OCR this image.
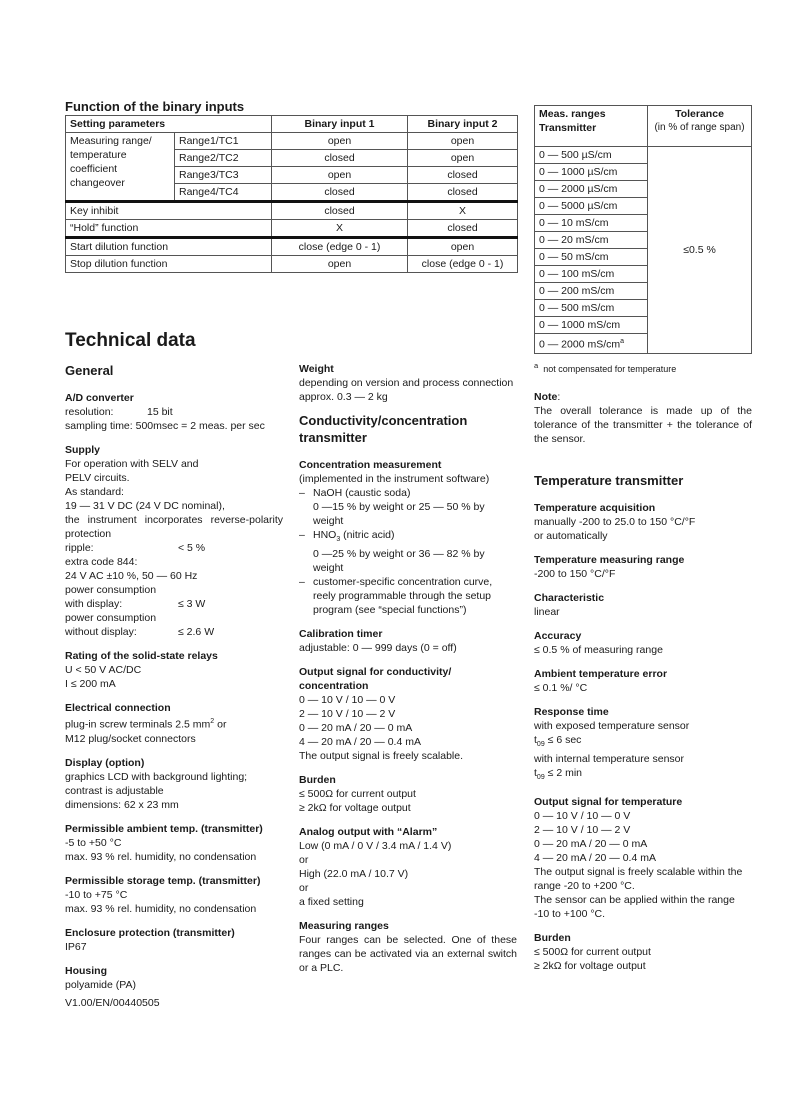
Function of the binary inputs
Setting parameters		Binary input 1	Binary input 2
Measuring range/ temperature coefficient changeover	Range1/TC1	open	open
	Range2/TC2	closed	open
	Range3/TC3	open	closed
	Range4/TC4	closed	closed
Key inhibit		closed	X
“Hold” function		X	closed
Start dilution function		close (edge 0 - 1)	open
Stop dilution function		open	close (edge 0 - 1)
Meas. ranges Transmitter	Tolerance
(in % of range span)

0 — 500 µS/cm	≤0.5 %
0 — 1000 µS/cm	
0 — 2000 µS/cm	
0 — 5000 µS/cm	
0 — 10 mS/cm	
0 — 20 mS/cm	
0 — 50 mS/cm	
0 — 100 mS/cm	
0 — 200 mS/cm	
0 — 500 mS/cm	
0 — 1000 mS/cm	
0 — 2000 $mS/cm^a$
$^a$ not compensated for temperature
Note:
The overall tolerance is made up of the tolerance of the transmitter + the tolerance of the sensor.
Technical data
General
A/D converter
resolution:	15 bit
sampling time: 500msec = 2 meas. per sec
Supply

For operation with SELV and

PELV circuits.

As standard:

19 — 31 V DC (24 V DC nominal),

the instrument incorporates reverse-polarity protection

ripple:	< 5 %

extra code 844:

24 V AC ±10 %, 50 — 60 Hz

power consumption

with display:	≤ 3 W

power consumption

without display:	≤ 2.6 W
Rating of the solid-state relays

U < 50 V AC/DC

I ≤ 200 mA

Electrical connection

plug-in screw terminals 2.5 $mm^2$ or

M12 plug/socket connectors

Display (option)

graphics LCD with background lighting;

contrast is adjustable

dimensions: 62 x 23 mm

Permissible ambient temp. (transmitter)

-5 to +50 °C

max. 93 % rel. humidity, no condensation

Permissible storage temp. (transmitter)

-10 to +75 °C

max. 93 % rel. humidity, no condensation

Enclosure protection (transmitter)

IP67

Housing

polyamide (PA)

V1.00/EN/00440505
Weight

depending on version and process connection

approx. 0.3 — 2 kg

Conductivity/concentration transmitter
Concentration measurement

(implemented in the instrument software)

– NaOH (caustic soda)

0 —15 % by weight or 25 — 50 % by weight

– $HNO_3$ (nitric acid)

0 —25 % by weight or 36 — 82 % by weight

– customer-specific concentration curve, reely programmable through the setup program (see “special functions”)

Calibration timer

adjustable: 0 — 999 days (0 = off)

Output signal for conductivity/ concentration

0 — 10 V / 10 — 0 V

2 — 10 V / 10 — 2 V

0 — 20 mA / 20 — 0 mA

4 — 20 mA / 20 — 0.4 mA

The output signal is freely scalable.

Burden

≤ 500Ω for current output

≥ 2kΩ for voltage output

Analog output with “Alarm”

Low (0 mA / 0 V / 3.4 mA / 1.4 V)

or

High (22.0 mA / 10.7 V)

or

a fixed setting

Measuring ranges

Four ranges can be selected. One of these ranges can be activated via an external switch or a PLC.

Temperature transmitter
Temperature acquisition

manually -200 to 25.0 to 150 °C/°F

or automatically

Temperature measuring range

-200 to 150 °C/°F

Characteristic

linear

Accuracy

≤ 0.5 % of measuring range

Ambient temperature error

≤ 0.1 %/ °C

Response time

with exposed temperature sensor

$t_{09} \le 6$ sec

with internal temperature sensor

$t_{09} \le 2$ min

Output signal for temperature

0 — 10 V / 10 — 0 V

2 — 10 V / 10 — 2 V

0 — 20 mA / 20 — 0 mA

4 — 20 mA / 20 — 0.4 mA

The output signal is freely scalable within the range -20 to +200 °C.

The sensor can be applied within the range -10 to +100 °C.

Burden

≤ 500Ω for current output

≥ 2kΩ for voltage output
